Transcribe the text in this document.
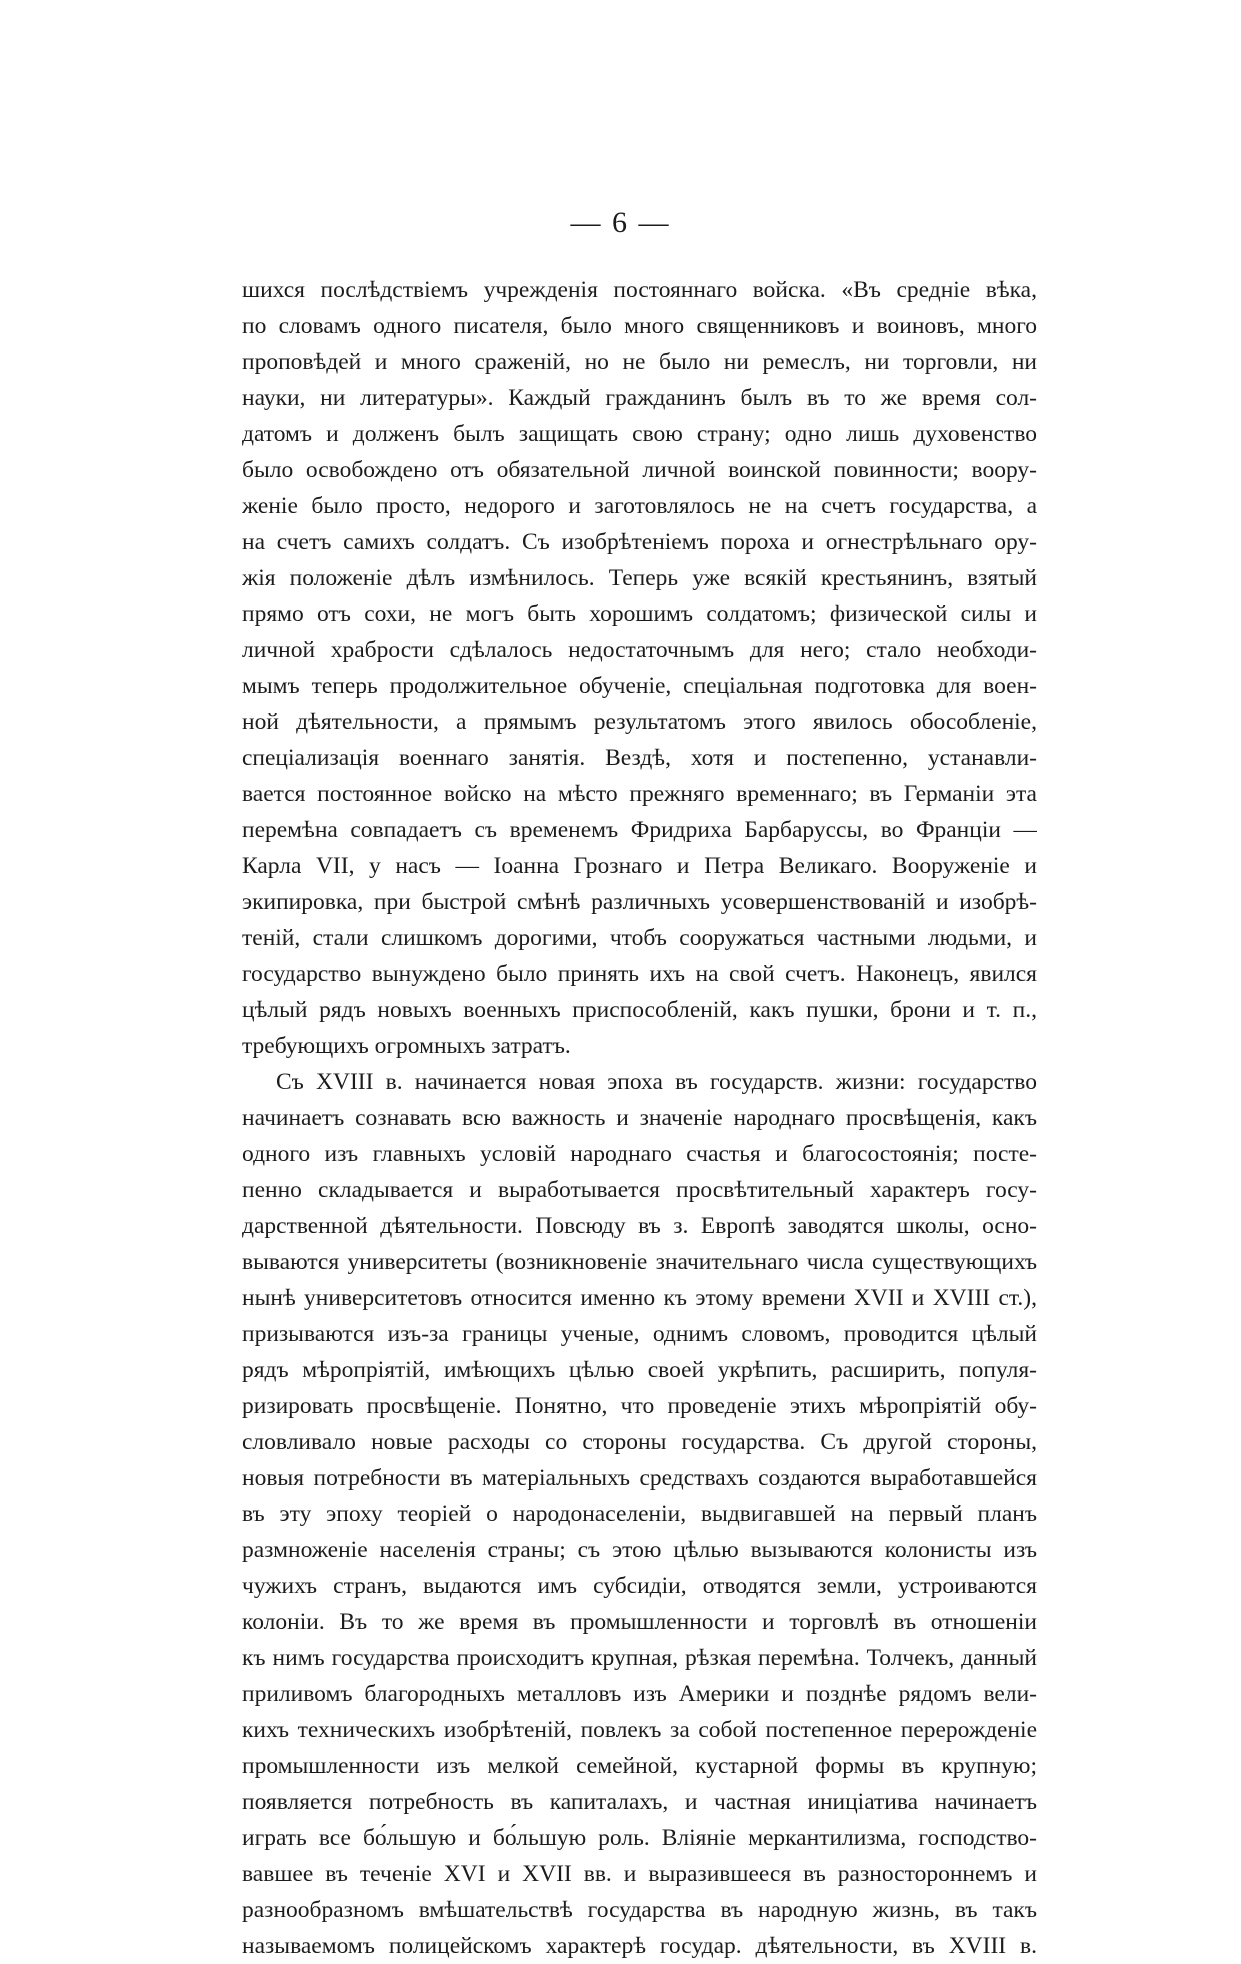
— 6 —
шихся послѣдствіемъ учрежденія постояннаго войска. «Въ средніе вѣка,
по словамъ одного писателя, было много священниковъ и воиновъ, много
проповѣдей и много сраженій, но не было ни ремеслъ, ни торговли, ни
науки, ни литературы». Каждый гражданинъ былъ въ то же время сол-
датомъ и долженъ былъ защищать свою страну; одно лишь духовенство
было освобождено отъ обязательной личной воинской повинности; воору-
женіе было просто, недорого и заготовлялось не на счетъ государства, а
на счетъ самихъ солдатъ. Съ изобрѣтеніемъ пороха и огнестрѣльнаго ору-
жія положеніе дѣлъ измѣнилось. Теперь уже всякій крестьянинъ, взятый
прямо отъ сохи, не могъ быть хорошимъ солдатомъ; физической силы и
личной храбрости сдѣлалось недостаточнымъ для него; стало необходи-
мымъ теперь продолжительное обученіе, спеціальная подготовка для воен-
ной дѣятельности, а прямымъ результатомъ этого явилось обособленіе,
спеціализація военнаго занятія. Вездѣ, хотя и постепенно, устанавли-
вается постоянное войско на мѣсто прежняго временнаго; въ Германіи эта
перемѣна совпадаетъ съ временемъ Фридриха Барбаруссы, во Франціи —
Карла VII, у насъ — Іоанна Грознаго и Петра Великаго. Вооруженіе и
экипировка, при быстрой смѣнѣ различныхъ усовершенствованій и изобрѣ-
теній, стали слишкомъ дорогими, чтобъ сооружаться частными людьми, и
государство вынуждено было принять ихъ на свой счетъ. Наконецъ, явился
цѣлый рядъ новыхъ военныхъ приспособленій, какъ пушки, брони и т. п.,
требующихъ огромныхъ затратъ.
Съ XVIII в. начинается новая эпоха въ государств. жизни: государство
начинаетъ сознавать всю важность и значеніе народнаго просвѣщенія, какъ
одного изъ главныхъ условій народнаго счастья и благосостоянія; посте-
пенно складывается и выработывается просвѣтительный характеръ госу-
дарственной дѣятельности. Повсюду въ з. Европѣ заводятся школы, осно-
вываются университеты (возникновеніе значительнаго числа существующихъ
нынѣ университетовъ относится именно къ этому времени XVII и XVIII ст.),
призываются изъ-за границы ученые, однимъ словомъ, проводится цѣлый
рядъ мѣропріятій, имѣющихъ цѣлью своей укрѣпить, расширить, популя-
ризировать просвѣщеніе. Понятно, что проведеніе этихъ мѣропріятій обу-
словливало новые расходы со стороны государства. Съ другой стороны,
новыя потребности въ матеріальныхъ средствахъ создаются выработавшейся
въ эту эпоху теоріей о народонаселеніи, выдвигавшей на первый планъ
размноженіе населенія страны; съ этою цѣлью вызываются колонисты изъ
чужихъ странъ, выдаются имъ субсидіи, отводятся земли, устроиваются
колоніи. Въ то же время въ промышленности и торговлѣ въ отношеніи
къ нимъ государства происходитъ крупная, рѣзкая перемѣна. Толчекъ, данный
приливомъ благородныхъ металловъ изъ Америки и позднѣе рядомъ вели-
кихъ техническихъ изобрѣтеній, повлекъ за собой постепенное перерожденіе
промышленности изъ мелкой семейной, кустарной формы въ крупную;
появляется потребность въ капиталахъ, и частная иниціатива начинаетъ
играть все бо́льшую и бо́льшую роль. Вліяніе меркантилизма, господство-
вавшее въ теченіе XVI и XVII вв. и выразившееся въ разностороннемъ и
разнообразномъ вмѣшательствѣ государства въ народную жизнь, въ такъ
называемомъ полицейскомъ характерѣ государ. дѣятельности, въ XVIII в.
